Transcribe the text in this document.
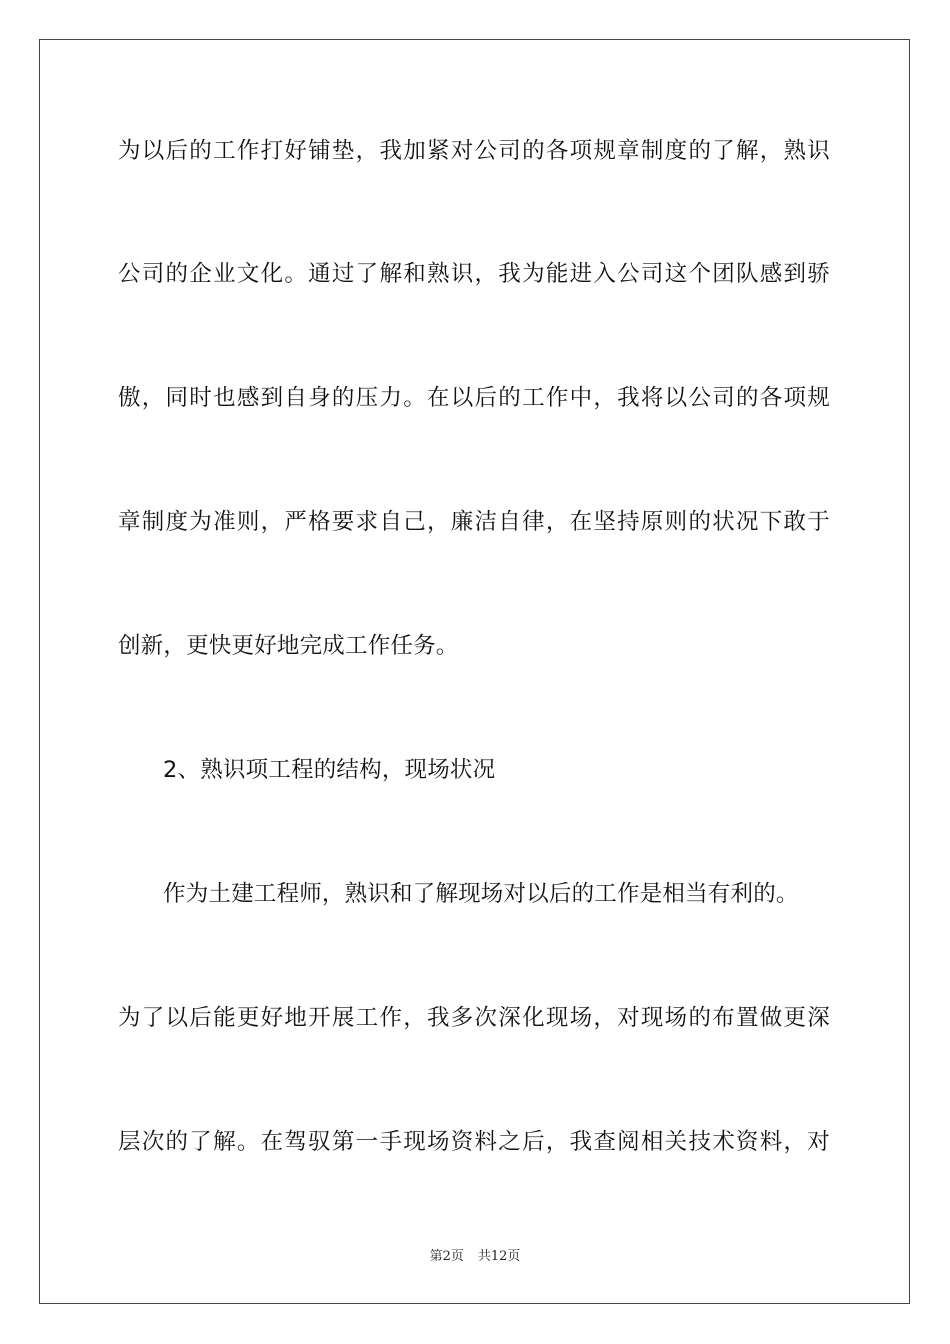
为以后的工作打好铺垫，我加紧对公司的各项规章制度的了解，熟识
公司的企业文化。通过了解和熟识，我为能进入公司这个团队感到骄
傲，同时也感到自身的压力。在以后的工作中，我将以公司的各项规
章制度为准则，严格要求自己，廉洁自律，在坚持原则的状况下敢于
创新，更快更好地完成工作任务。
2、熟识项工程的结构，现场状况
作为土建工程师，熟识和了解现场对以后的工作是相当有利的。
为了以后能更好地开展工作，我多次深化现场，对现场的布置做更深
层次的了解。在驾驭第一手现场资料之后，我查阅相关技术资料，对
第2页 共12页
